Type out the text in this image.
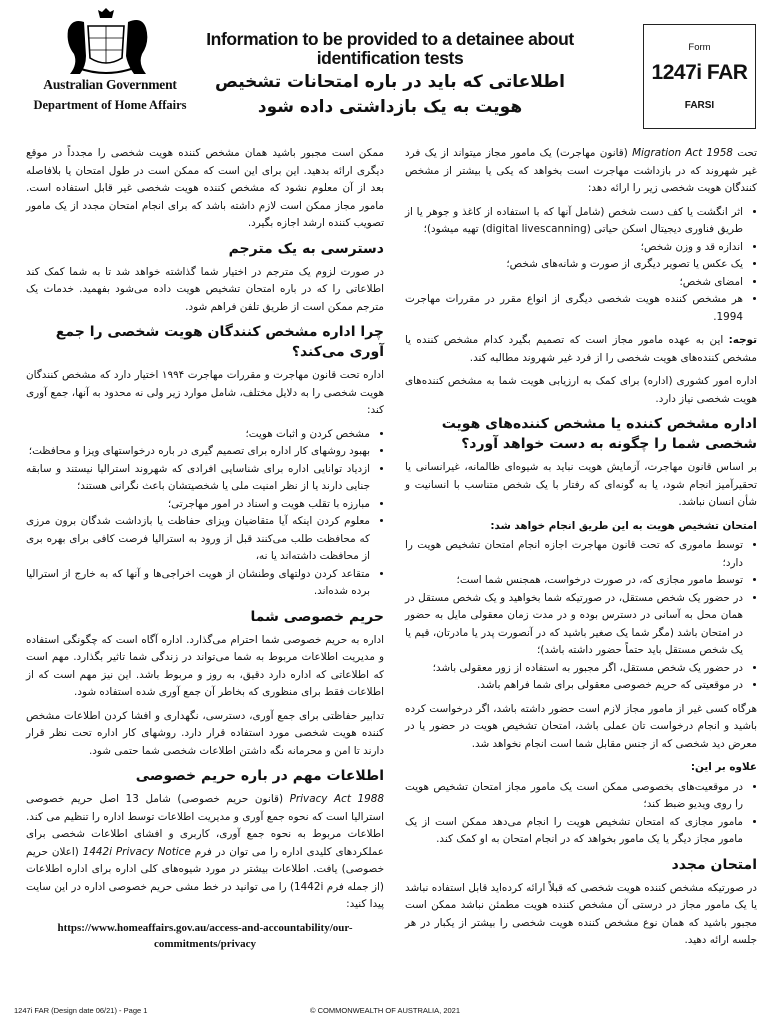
Australian Government
Department of Home Affairs
Information to be provided to a detainee about identification tests
اطلاعاتی که باید در باره امتحانات تشخیص هویت به یک بازداشتی داده شود
Form
1247i FAR
FARSI

تحت Migration Act 1958 (قانون مهاجرت) یک مامور مجاز میتواند از یک فرد غیر شهروند که در بازداشت مهاجرت است بخواهد که یکی یا بیشتر از مشخص کنندگان هویت شخصی زیر را ارائه دهد:

• اثر انگشت یا کف دست شخص (شامل آنها که با استفاده از کاغذ و جوهر یا از طریق فناوری دیجیتال اسکن حیاتی (digital livescanning) تهیه میشود)؛
• اندازه قد و وزن شخص؛
• یک عکس یا تصویر دیگری از صورت و شانه‌های شخص؛
• امضای شخص؛
• هر مشخص کننده هویت شخصی دیگری از انواع مقرر در مقررات مهاجرت 1994.

توجه: این به عهده مامور مجاز است که تصمیم بگیرد کدام مشخص کننده یا مشخص کننده‌های هویت شخصی را از فرد غیر شهروند مطالبه کند.

اداره امور کشوری (اداره) برای کمک به ارزیابی هویت شما به مشخص کننده‌های هویت شخصی نیاز دارد.

اداره مشخص کننده یا مشخص کننده‌های هویت شخصی شما را چگونه به دست خواهد آورد؟

بر اساس قانون مهاجرت، آزمایش هویت نباید به شیوه‌ای ظالمانه، غیرانسانی یا تحقیرآمیز انجام شود، یا به گونه‌ای که رفتار با یک شخص متناسب با انسانیت و شأن انسان نباشد.

امتحان تشخیص هویت به این طریق انجام خواهد شد:
• توسط ماموری که تحت قانون مهاجرت اجازه انجام امتحان تشخیص هویت را دارد؛
• توسط مامور مجازی که، در صورت درخواست، همجنس شما است؛
• در حضور یک شخص مستقل، در صورتیکه شما بخواهید و یک شخص مستقل در همان محل به آسانی در دسترس بوده و در مدت زمان معقولی مایل به حضور در امتحان باشد (مگر شما یک صغیر باشید که در آنصورت پدر یا مادرتان، قیم یا یک شخص مستقل باید حتماً حضور داشته باشد)؛
• در حضور یک شخص مستقل، اگر مجبور به استفاده از زور معقولی باشد؛
• در موقعیتی که حریم خصوصی معقولی برای شما فراهم باشد.

هرگاه کسی غیر از مامور مجاز لازم است حضور داشته باشد، اگر درخواست کرده باشید و انجام درخواست تان عملی باشد، امتحان تشخیص هویت در حضور یا در معرض دید شخصی که از جنس مقابل شما است انجام نخواهد شد.

علاوه بر این:
• در موقعیت‌های بخصوصی ممکن است یک مامور مجاز امتحان تشخیص هویت را روی ویدیو ضبط کند؛
• مامور مجازی که امتحان تشخیص هویت را انجام می‌دهد ممکن است از یک مامور مجاز دیگر یا یک مامور بخواهد که در انجام امتحان به او کمک کند.
امتحان مجدد

در صورتیکه مشخص کننده هویت شخصی که قبلاً ارائه کرده‌اید قابل استفاده نباشد یا یک مامور مجاز در درستی آن مشخص کننده هویت مطمئن نباشد ممکن است مجبور باشید که همان نوع مشخص کننده هویت شخصی را بیشتر از یکبار در هر جلسه ارائه دهید.

ممکن است مجبور باشید همان مشخص کننده هویت شخصی را مجدداً در موقع دیگری ارائه بدهید. این برای این است که ممکن است در طول امتحان یا بلافاصله بعد از آن معلوم نشود که مشخص کننده هویت شخصی غیر قابل استفاده است. مامور مجاز ممکن است لازم داشته باشد که برای انجام امتحان مجدد از یک مامور تصویب کننده ارشد اجازه بگیرد.

دسترسی به یک مترجم

در صورت لزوم یک مترجم در اختیار شما گذاشته خواهد شد تا به شما کمک کند اطلاعاتی را که در باره امتحان تشخیص هویت داده می‌شود بفهمید. خدمات یک مترجم ممکن است از طریق تلفن فراهم شود.

چرا اداره مشخص کنندگان هویت شخصی را جمع آوری می‌کند؟

اداره تحت قانون مهاجرت و مقررات مهاجرت ۱۹۹۴ اختیار دارد که مشخص کنندگان هویت شخصی را به دلایل مختلف، شامل موارد زیر ولی نه محدود به آنها، جمع آوری کند:

• مشخص کردن و اثبات هویت؛
• بهبود روشهای کار اداره برای تصمیم گیری در باره درخواستهای ویزا و محافظت؛
• ازدیاد توانایی اداره برای شناسایی افرادی که شهروند استرالیا نیستند و سابقه جنایی دارند یا از نظر امنیت ملی یا شخصیتشان باعث نگرانی هستند؛
• مبارزه با تقلب هویت و اسناد در امور مهاجرتی؛
• معلوم کردن اینکه آیا متقاضیان ویزای حفاظت یا بازداشت شدگان برون مرزی که محافظت طلب می‌کنند قبل از ورود به استرالیا فرصت کافی برای بهره بری از محافظت داشته‌اند یا نه،
• متقاعد کردن دولتهای وطنشان از هویت اخراجی‌ها و آنها که به خارج از استرالیا برده شده‌اند.
حریم خصوصی شما

اداره به حریم خصوصی شما احترام می‌گذارد. اداره آگاه است که چگونگی استفاده و مدیریت اطلاعات مربوط به شما می‌تواند در زندگی شما تاثیر بگذارد. مهم است که اطلاعاتی که اداره دارد دقیق، به روز و مربوط باشد. این نیز مهم است که از اطلاعات فقط برای منظوری که بخاطر آن جمع آوری شده استفاده شود.

تدابیر حفاظتی برای جمع آوری، دسترسی، نگهداری و افشا کردن اطلاعات مشخص کننده هویت شخصی مورد استفاده قرار دارد. روشهای کار اداره تحت نظر قرار دارند تا امن و محرمانه نگه داشتن اطلاعات شخصی شما حتمی شود.

اطلاعات مهم در باره حریم خصوصی

Privacy Act 1988 (قانون حریم خصوصی) شامل 13 اصل حریم خصوصی استرالیا است که نحوه جمع آوری و مدیریت اطلاعات توسط اداره را تنظیم می کند. اطلاعات مربوط به نحوه جمع آوری، کاربری و افشای اطلاعات شخصی برای عملکردهای کلیدی اداره را می توان در فرم 1442i Privacy Notice (اعلان حریم خصوصی) یافت. اطلاعات بیشتر در مورد شیوه‌های کلی اداره برای اداره اطلاعات (از جمله فرم 1442i) را می توانید در خط مشی حریم خصوصی اداره در این سایت پیدا کنید:

https://www.homeaffairs.gov.au/access-and-accountability/our-commitments/privacy
1247i FAR (Design date 06/21) - Page 1	© COMMONWEALTH OF AUSTRALIA, 2021
